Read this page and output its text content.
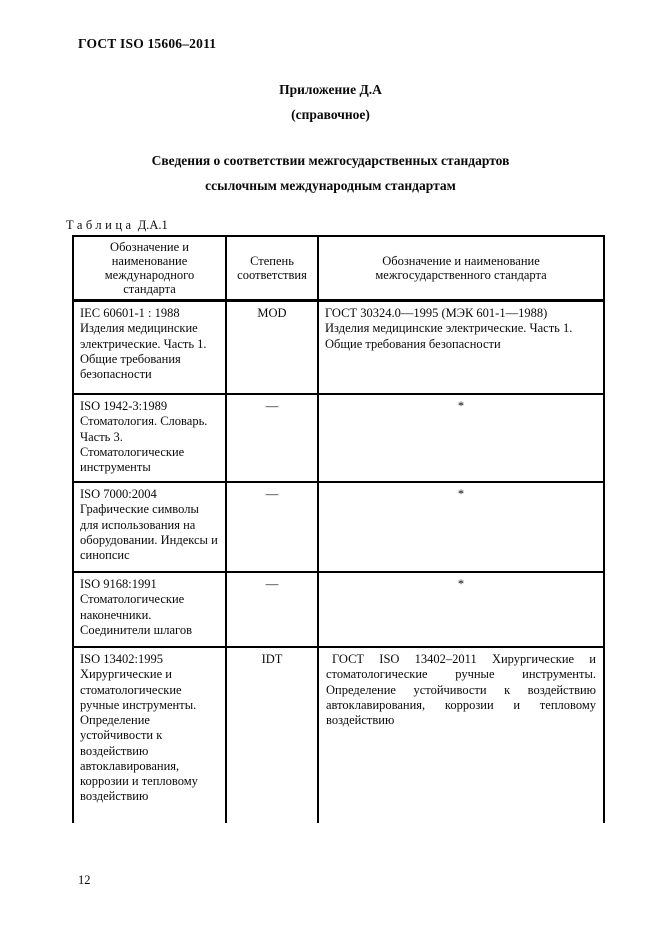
ГОСТ ISO 15606–2011
Приложение Д.А
(справочное)
Сведения о соответствии межгосударственных стандартов
ссылочным международным стандартам
Таблица Д.А.1
Обозначение и наименование международного стандарта	Степень соответствия	Обозначение и наименование межгосударственного стандарта

IEC 60601-1 : 1988
Изделия медицинские электрические. Часть 1. Общие требования безопасности	MOD	ГОСТ 30324.0—1995 (МЭК 601-1—1988)
Изделия медицинские электрические. Часть 1. Общие требования безопасности

ISO 1942-3:1989
Стоматология. Словарь. Часть 3. Стоматологические инструменты	—	*

ISO 7000:2004
Графические символы для использования на оборудовании. Индексы и синопсис	—	*

ISO 9168:1991
Стоматологические наконечники. Соединители шлагов	—	*

ISO 13402:1995
Хирургические и стоматологические ручные инструменты. Определение устойчивости к воздействию автоклавирования, коррозии и тепловому воздействию	IDT	ГОСТ ISO 13402–2011 Хирургические и стоматологические ручные инструменты. Определение устойчивости к воздействию автоклавирования, коррозии и тепловому воздействию
12
